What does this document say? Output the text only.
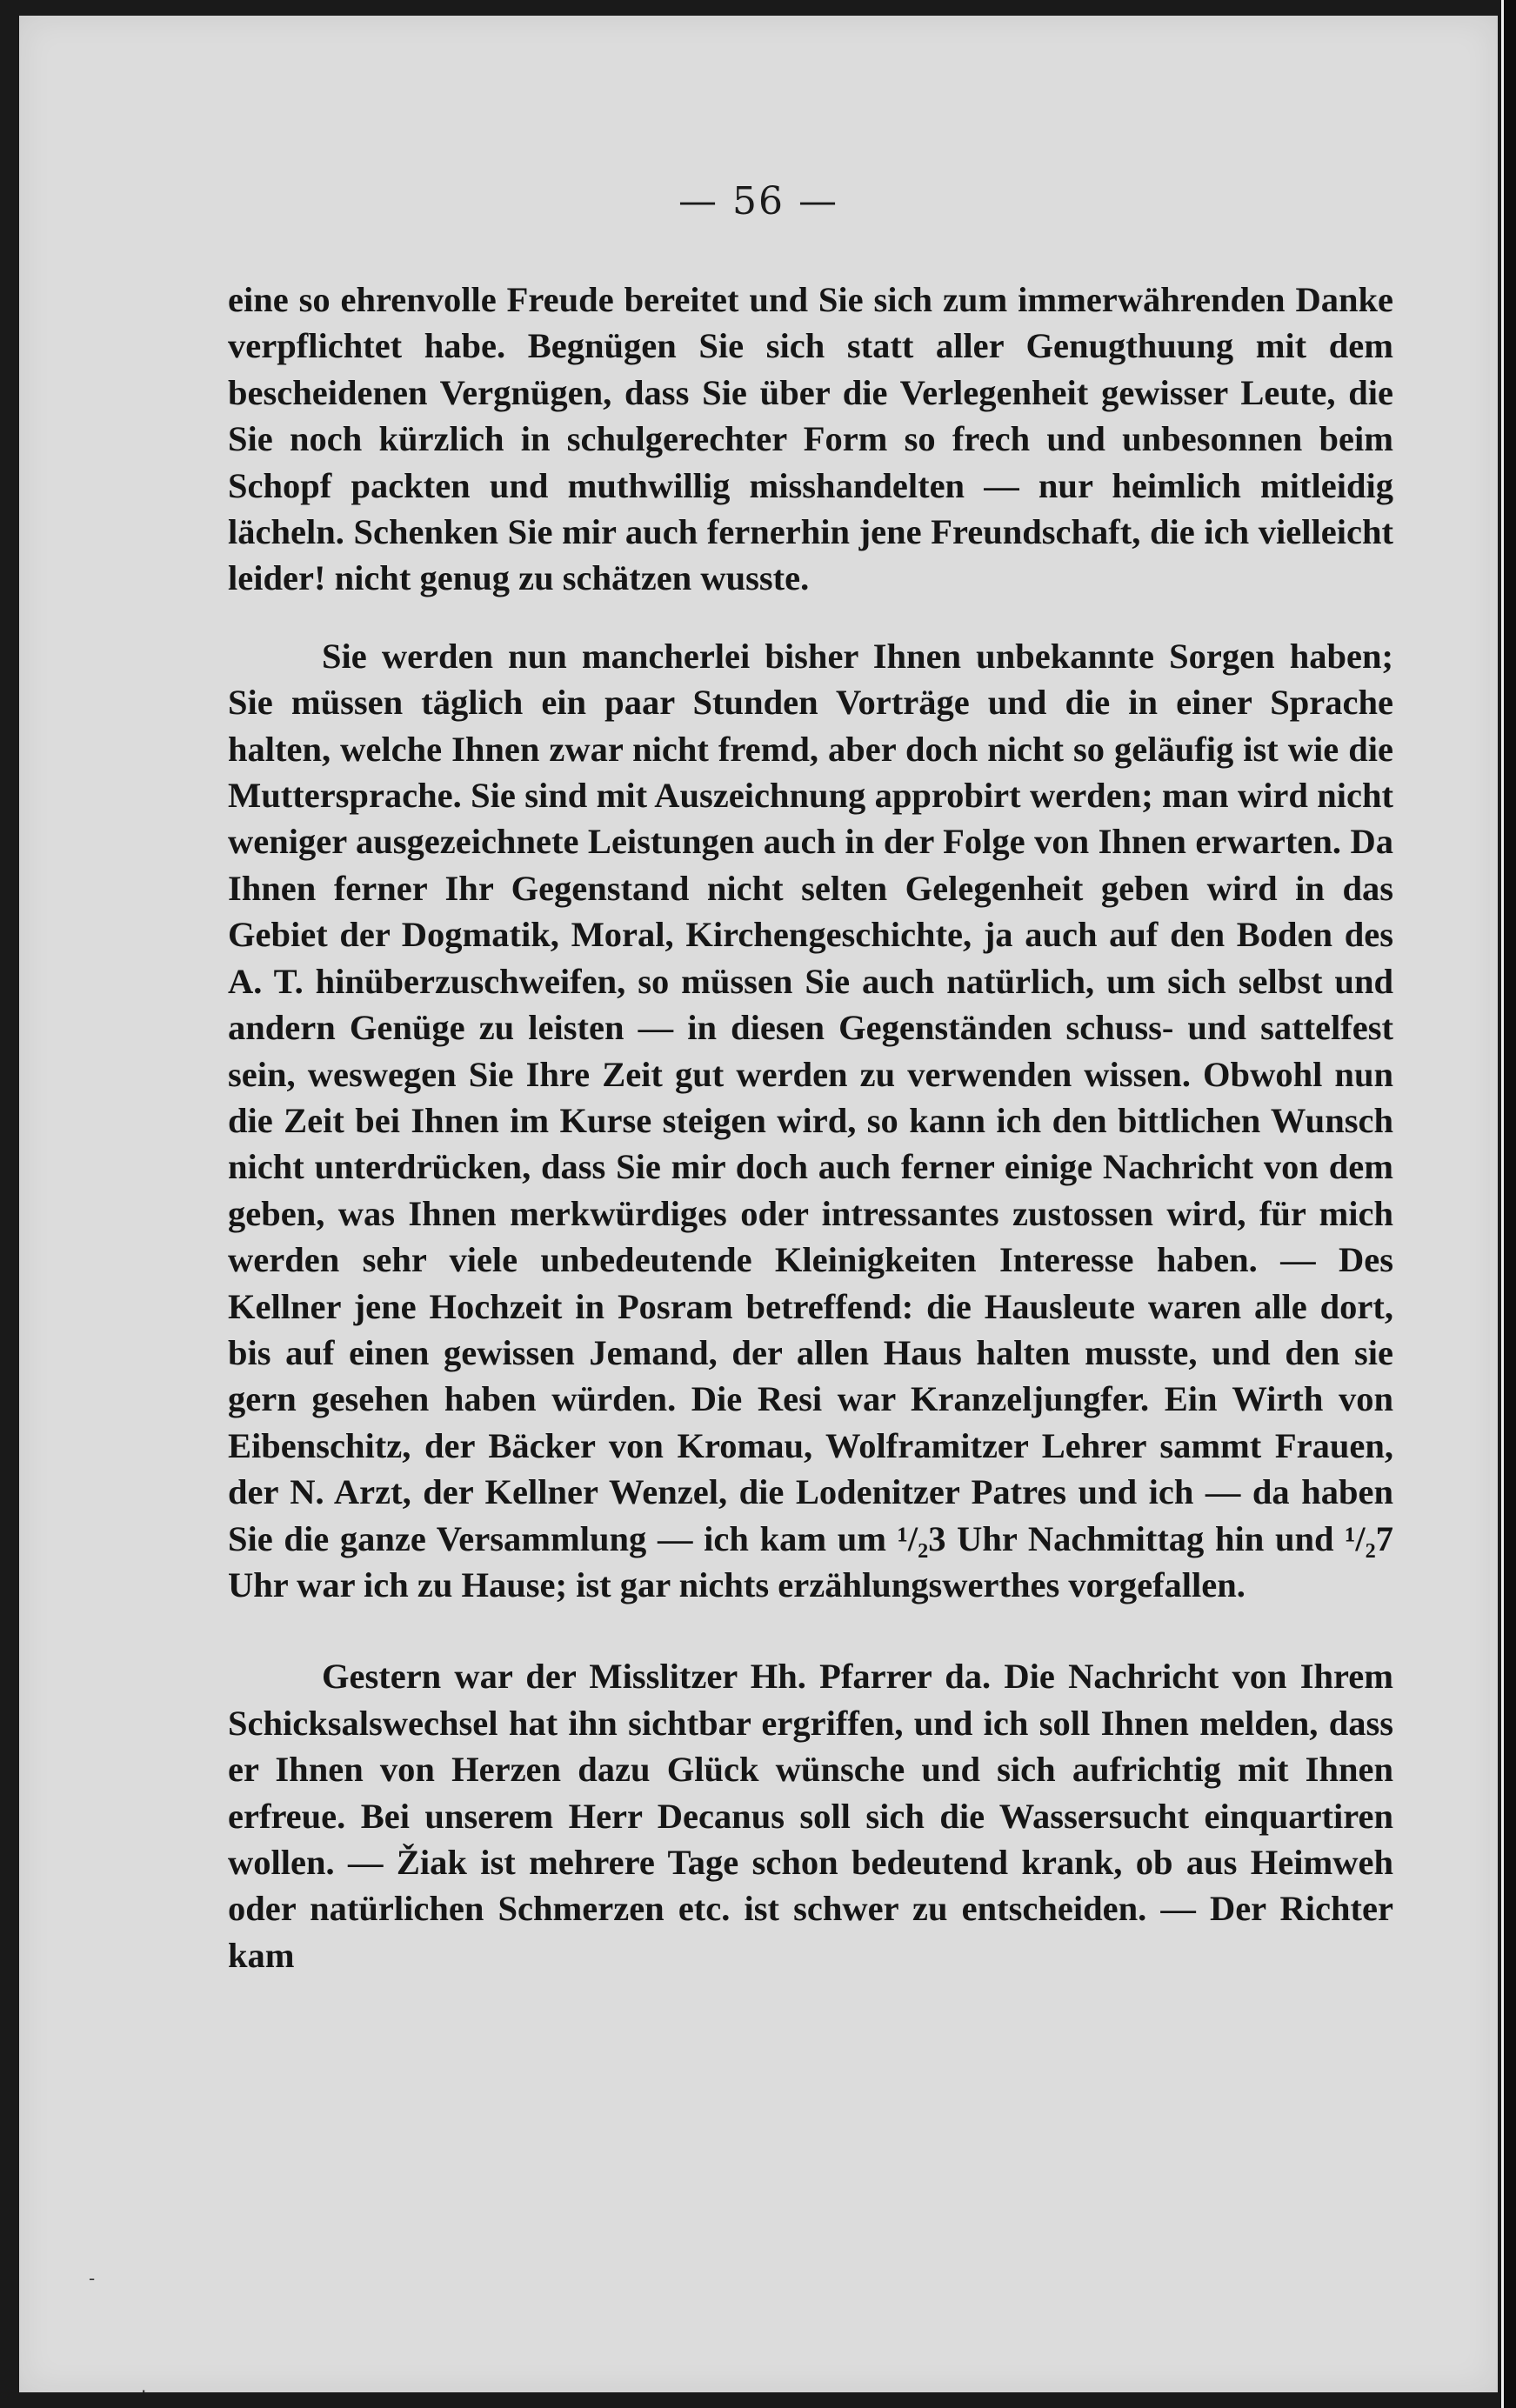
— 56 —

eine so ehrenvolle Freude bereitet und Sie sich zum immerwährenden Danke verpflichtet habe. Begnügen Sie sich statt aller Genugthuung mit dem bescheidenen Vergnügen, dass Sie über die Verlegenheit gewisser Leute, die Sie noch kürzlich in schulgerechter Form so frech und unbesonnen beim Schopf packten und muthwillig misshandelten — nur heimlich mitleidig lächeln. Schenken Sie mir auch fernerhin jene Freundschaft, die ich vielleicht leider! nicht genug zu schätzen wusste.

Sie werden nun mancherlei bisher Ihnen unbekannte Sorgen haben; Sie müssen täglich ein paar Stunden Vorträge und die in einer Sprache halten, welche Ihnen zwar nicht fremd, aber doch nicht so geläufig ist wie die Muttersprache. Sie sind mit Auszeichnung approbirt werden; man wird nicht weniger ausgezeichnete Leistungen auch in der Folge von Ihnen erwarten. Da Ihnen ferner Ihr Gegenstand nicht selten Gelegenheit geben wird in das Gebiet der Dogmatik, Moral, Kirchengeschichte, ja auch auf den Boden des A. T. hinüberzuschweifen, so müssen Sie auch natürlich, um sich selbst und andern Genüge zu leisten — in diesen Gegenständen schuss- und sattelfest sein, weswegen Sie Ihre Zeit gut werden zu verwenden wissen. Obwohl nun die Zeit bei Ihnen im Kurse steigen wird, so kann ich den bittlichen Wunsch nicht unterdrücken, dass Sie mir doch auch ferner einige Nachricht von dem geben, was Ihnen merkwürdiges oder intressantes zustossen wird, für mich werden sehr viele unbedeutende Kleinigkeiten Interesse haben. — Des Kellner jene Hochzeit in Posram betreffend: die Hausleute waren alle dort, bis auf einen gewissen Jemand, der allen Haus halten musste, und den sie gern gesehen haben würden. Die Resi war Kranzeljungfer. Ein Wirth von Eibenschitz, der Bäcker von Kromau, Wolframitzer Lehrer sammt Frauen, der N. Arzt, der Kellner Wenzel, die Lodenitzer Patres und ich — da haben Sie die ganze Versammlung — ich kam um ¹/₂3 Uhr Nachmittag hin und ¹/₂7 Uhr war ich zu Hause; ist gar nichts erzählungswerthes vorgefallen.

Gestern war der Misslitzer Hh. Pfarrer da. Die Nachricht von Ihrem Schicksalswechsel hat ihn sichtbar ergriffen, und ich soll Ihnen melden, dass er Ihnen von Herzen dazu Glück wünsche und sich aufrichtig mit Ihnen erfreue. Bei unserem Herr Decanus soll sich die Wassersucht einquartiren wollen. — Žiak ist mehrere Tage schon bedeutend krank, ob aus Heimweh oder natürlichen Schmerzen etc. ist schwer zu entscheiden. — Der Richter kam

-
·
